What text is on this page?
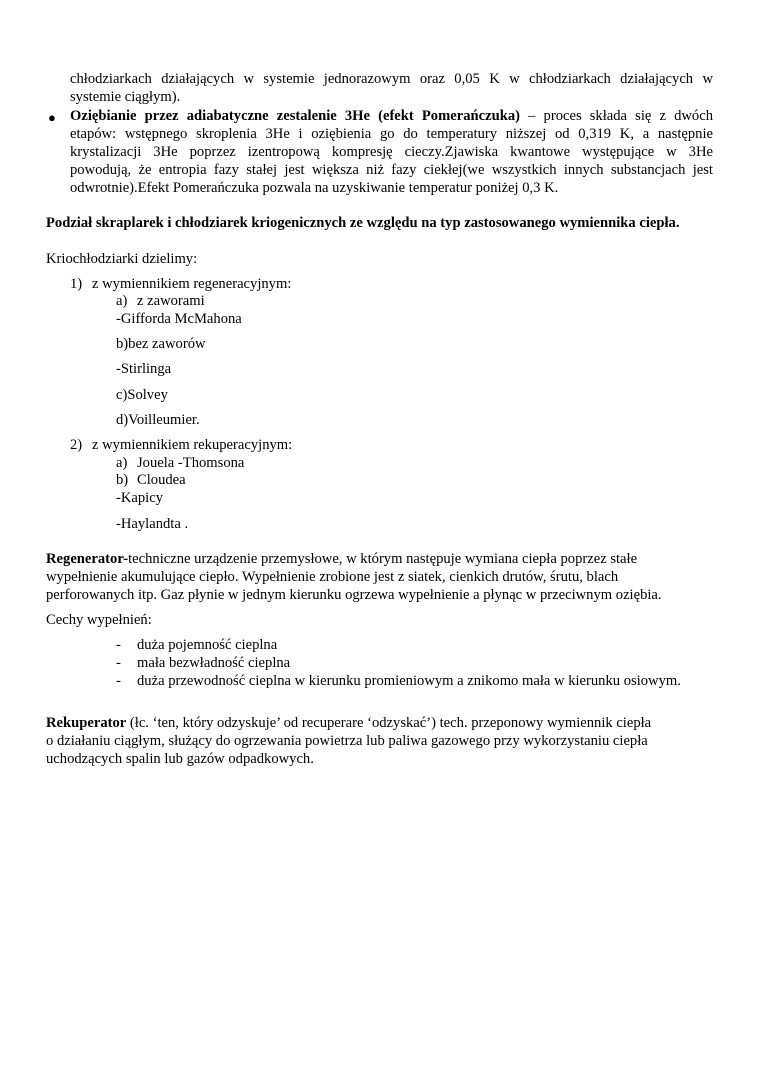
chłodziarkach działających w systemie jednorazowym oraz 0,05 K w chłodziarkach działających w
systemie ciągłym).
● Oziębianie przez adiabatyczne zestalenie 3He (efekt Pomerańczuka) – proces składa się z dwóch
etapów: wstępnego skroplenia 3He i oziębienia go do temperatury niższej od 0,319 K, a następnie
krystalizacji 3He poprzez izentropową kompresję cieczy.Zjawiska kwantowe występujące w 3He
powodują, że entropia fazy stałej jest większa niż fazy ciekłej(we wszystkich innych substancjach jest
odwrotnie).Efekt Pomerańczuka pozwala na uzyskiwanie temperatur poniżej 0,3 K.
Podział skraplarek i chłodziarek kriogenicznych ze względu na typ zastosowanego wymiennika ciepła.
Kriochłodziarki dzielimy:
1) z wymiennikiem regeneracyjnym:
a) z zaworami
-Gifforda McMahona
b)bez zaworów
-Stirlinga
c)Solvey
d)Voilleumier.
2) z wymiennikiem rekuperacyjnym:
a) Jouela -Thomsona
b) Cloudea
-Kapicy
-Haylandta .
Regenerator-techniczne urządzenie przemysłowe, w którym następuje wymiana ciepła poprzez stałe
wypełnienie akumulujące ciepło. Wypełnienie zrobione jest z siatek, cienkich drutów, śrutu, blach
perforowanych itp. Gaz płynie w jednym kierunku ogrzewa wypełnienie a płynąc w przeciwnym oziębia.
Cechy wypełnień:
- duża pojemność cieplna
- mała bezwładność cieplna
- duża przewodność cieplna w kierunku promieniowym a znikomo mała w kierunku osiowym.
Rekuperator (łc. ‘ten, który odzyskuje’ od recuperare ‘odzyskać’) tech. przeponowy wymiennik ciepła
o działaniu ciągłym, służący do ogrzewania powietrza lub paliwa gazowego przy wykorzystaniu ciepła
uchodzących spalin lub gazów odpadkowych.
